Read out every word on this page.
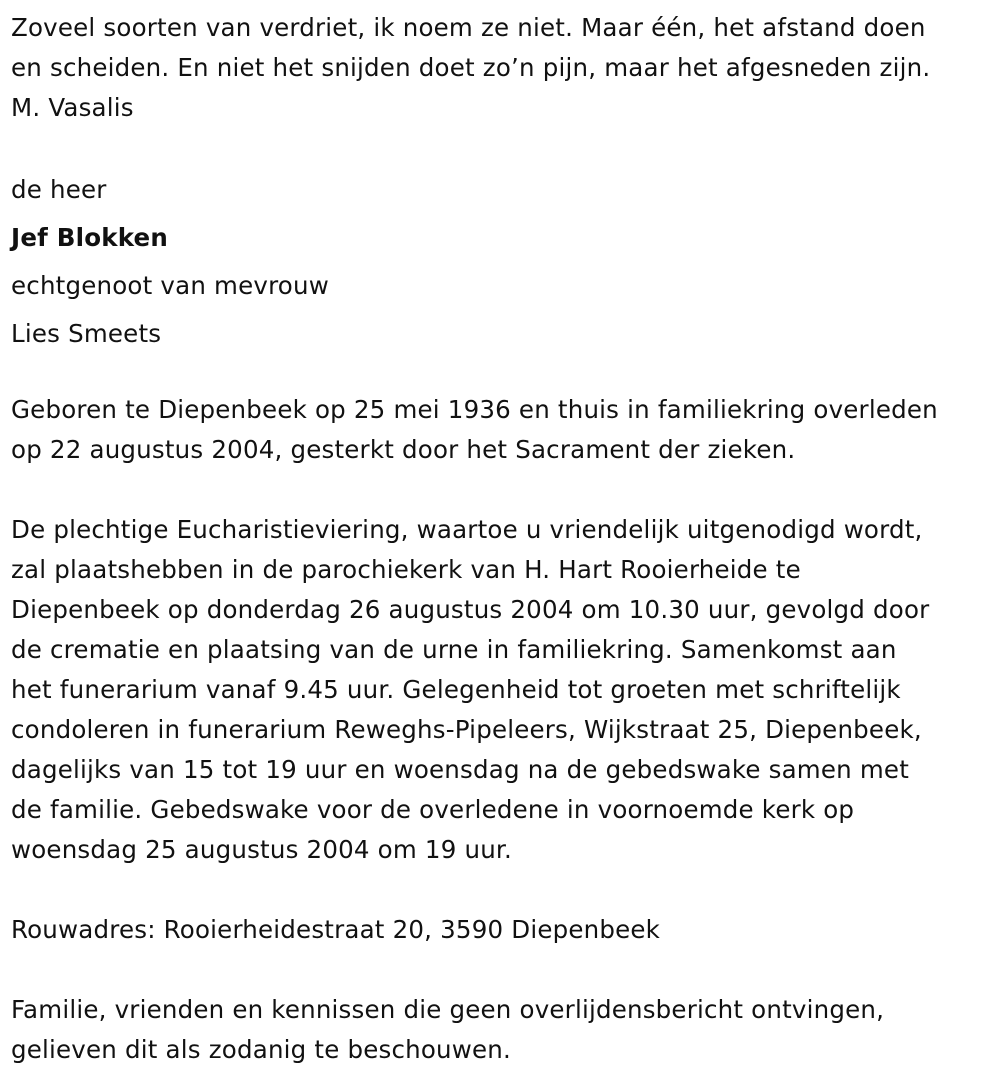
Zoveel soorten van verdriet, ik noem ze niet. Maar één, het afstand doen
en scheiden. En niet het snijden doet zo’n pijn, maar het afgesneden zijn.
M. Vasalis

de heer
Jef Blokken
echtgenoot van mevrouw
Lies Smeets

Geboren te Diepenbeek op 25 mei 1936 en thuis in familiekring overleden
op 22 augustus 2004, gesterkt door het Sacrament der zieken.

De plechtige Eucharistieviering, waartoe u vriendelijk uitgenodigd wordt,
zal plaatshebben in de parochiekerk van H. Hart Rooierheide te
Diepenbeek op donderdag 26 augustus 2004 om 10.30 uur, gevolgd door
de crematie en plaatsing van de urne in familiekring. Samenkomst aan
het funerarium vanaf 9.45 uur. Gelegenheid tot groeten met schriftelijk
condoleren in funerarium Reweghs-Pipeleers, Wijkstraat 25, Diepenbeek,
dagelijks van 15 tot 19 uur en woensdag na de gebedswake samen met
de familie. Gebedswake voor de overledene in voornoemde kerk op
woensdag 25 augustus 2004 om 19 uur.

Rouwadres: Rooierheidestraat 20, 3590 Diepenbeek

Familie, vrienden en kennissen die geen overlijdensbericht ontvingen,
gelieven dit als zodanig te beschouwen.
